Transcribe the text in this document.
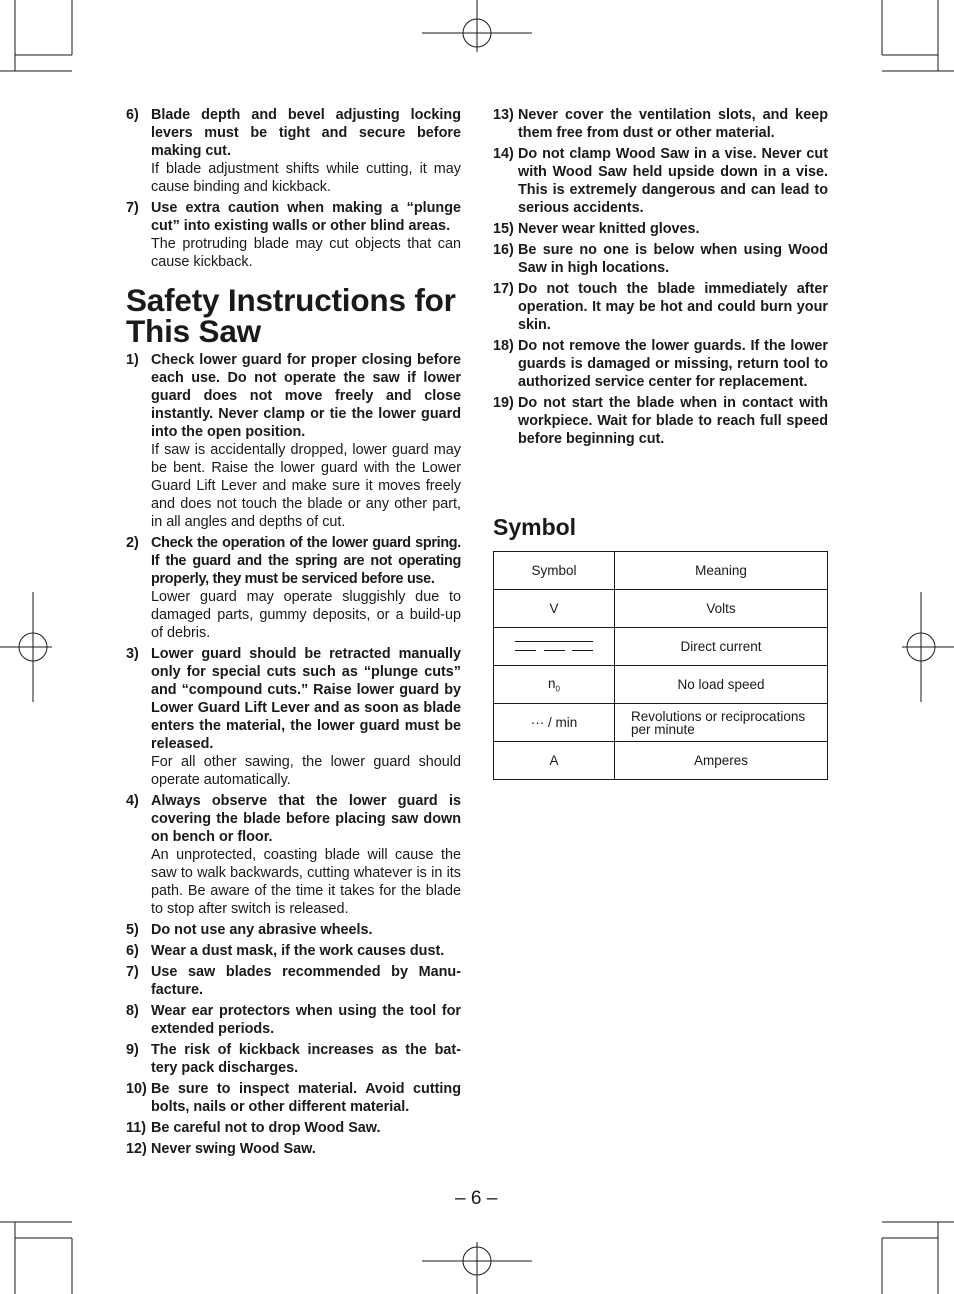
6) Blade depth and bevel adjusting locking levers must be tight and secure before making cut.
If blade adjustment shifts while cutting, it may cause binding and kickback.
7) Use extra caution when making a “plunge cut” into existing walls or other blind areas.
The protruding blade may cut objects that can cause kickback.
Safety Instructions for This Saw
1) Check lower guard for proper closing before each use. Do not operate the saw if lower guard does not move freely and close instantly. Never clamp or tie the lower guard into the open position.
If saw is accidentally dropped, lower guard may be bent. Raise the lower guard with the Lower Guard Lift Lever and make sure it moves freely and does not touch the blade or any other part, in all angles and depths of cut.
2) Check the operation of the lower guard spring. If the guard and the spring are not operating properly, they must be serviced before use.
Lower guard may operate sluggishly due to damaged parts, gummy deposits, or a build-up of debris.
3) Lower guard should be retracted manually only for special cuts such as “plunge cuts” and “compound cuts.” Raise lower guard by Lower Guard Lift Lever and as soon as blade enters the material, the lower guard must be released.
For all other sawing, the lower guard should operate automatically.
4) Always observe that the lower guard is covering the blade before placing saw down on bench or floor.
An unprotected, coasting blade will cause the saw to walk backwards, cutting whatever is in its path. Be aware of the time it takes for the blade to stop after switch is released.
5) Do not use any abrasive wheels.
6) Wear a dust mask, if the work causes dust.
7) Use saw blades recommended by Manu-facture.
8) Wear ear protectors when using the tool for extended periods.
9) The risk of kickback increases as the bat-tery pack discharges.
10) Be sure to inspect material. Avoid cutting bolts, nails or other different material.
11) Be careful not to drop Wood Saw.
12) Never swing Wood Saw.
13) Never cover the ventilation slots, and keep them free from dust or other material.
14) Do not clamp Wood Saw in a vise. Never cut with Wood Saw held upside down in a vise. This is extremely dangerous and can lead to serious accidents.
15) Never wear knitted gloves.
16) Be sure no one is below when using Wood Saw in high locations.
17) Do not touch the blade immediately after operation. It may be hot and could burn your skin.
18) Do not remove the lower guards. If the lower guards is damaged or missing, return tool to authorized service center for replacement.
19) Do not start the blade when in contact with workpiece. Wait for blade to reach full speed before beginning cut.
Symbol
Symbol	Meaning
V	Volts

	Direct current
$n_0$	No load speed
··· / min	Revolutions or reciprocations per minute
A	Amperes
– 6 –
